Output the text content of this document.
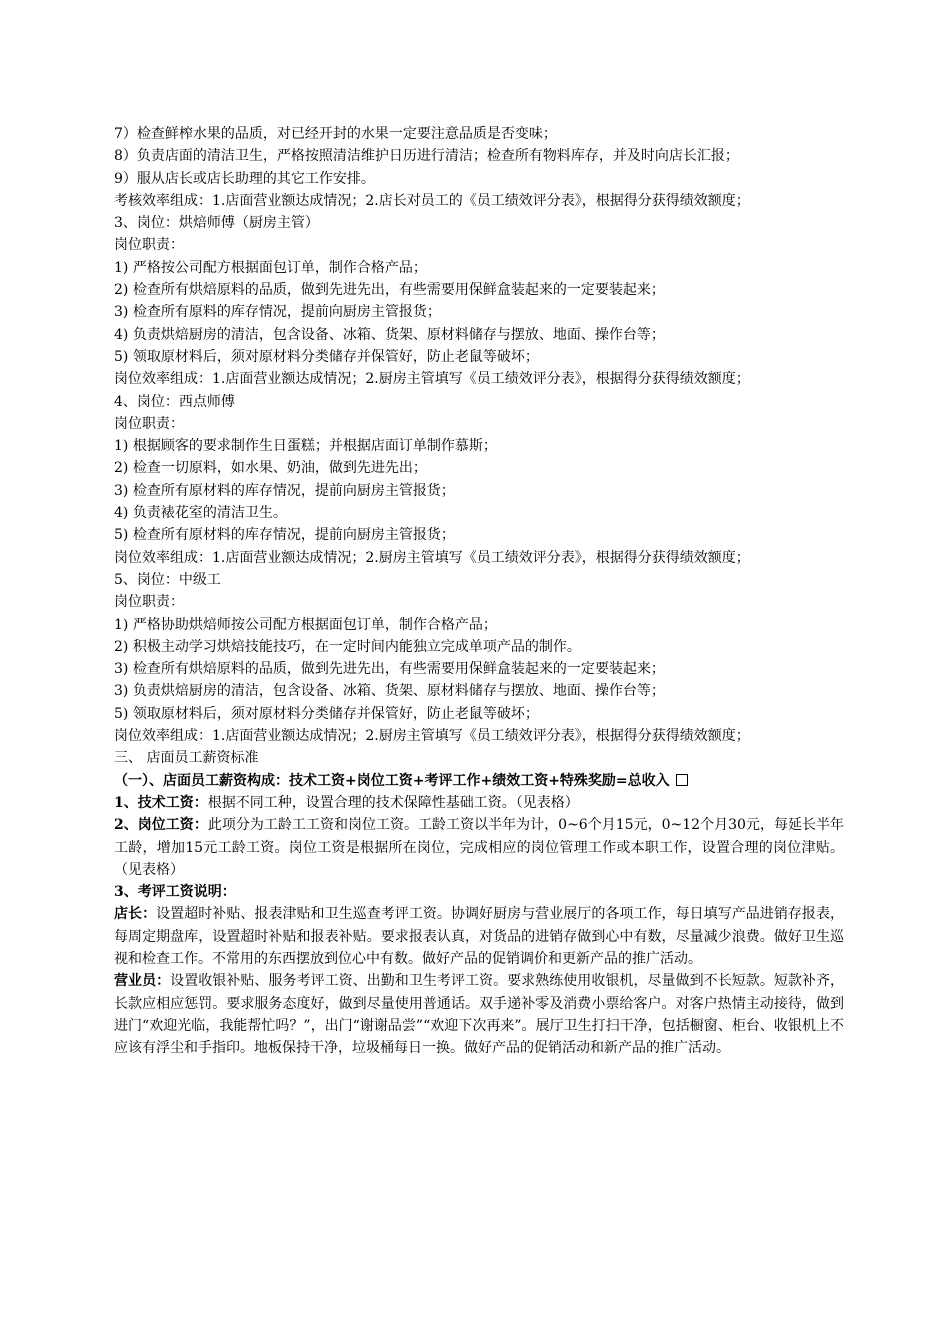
7）检查鲜榨水果的品质，对已经开封的水果一定要注意品质是否变味；
8）负责店面的清洁卫生，严格按照清洁维护日历进行清洁；检查所有物料库存，并及时向店长汇报；
9）服从店长或店长助理的其它工作安排。
考核效率组成：1.店面营业额达成情况；2.店长对员工的《员工绩效评分表》，根据得分获得绩效额度；
3、岗位：烘焙师傅（厨房主管）
岗位职责：
1) 严格按公司配方根据面包订单，制作合格产品；
2) 检查所有烘焙原料的品质，做到先进先出，有些需要用保鲜盒装起来的一定要装起来；
3) 检查所有原料的库存情况，提前向厨房主管报货；
4) 负责烘焙厨房的清洁，包含设备、冰箱、货架、原材料储存与摆放、地面、操作台等；
5) 领取原材料后，须对原材料分类储存并保管好，防止老鼠等破坏；
岗位效率组成：1.店面营业额达成情况；2.厨房主管填写《员工绩效评分表》，根据得分获得绩效额度；
4、岗位：西点师傅
岗位职责：
1) 根据顾客的要求制作生日蛋糕；并根据店面订单制作慕斯；
2) 检查一切原料，如水果、奶油，做到先进先出；
3) 检查所有原材料的库存情况，提前向厨房主管报货；
4) 负责裱花室的清洁卫生。
5) 检查所有原材料的库存情况，提前向厨房主管报货；
岗位效率组成：1.店面营业额达成情况；2.厨房主管填写《员工绩效评分表》，根据得分获得绩效额度；
5、岗位：中级工
岗位职责：
1) 严格协助烘焙师按公司配方根据面包订单，制作合格产品；
2) 积极主动学习烘焙技能技巧，在一定时间内能独立完成单项产品的制作。
3) 检查所有烘焙原料的品质，做到先进先出，有些需要用保鲜盒装起来的一定要装起来；
3) 负责烘焙厨房的清洁，包含设备、冰箱、货架、原材料储存与摆放、地面、操作台等；
5) 领取原材料后，须对原材料分类储存并保管好，防止老鼠等破坏；
岗位效率组成：1.店面营业额达成情况；2.厨房主管填写《员工绩效评分表》，根据得分获得绩效额度；
三、 店面员工薪资标准
（一）、店面员工薪资构成：技术工资+岗位工资+考评工作+绩效工资+特殊奖励=总收入
1、技术工资：根据不同工种，设置合理的技术保障性基础工资。（见表格）
2、岗位工资：此项分为工龄工工资和岗位工资。工龄工资以半年为计，0~6个月15元，0~12个月30元，每延长半年工龄，增加15元工龄工资。岗位工资是根据所在岗位，完成相应的岗位管理工作或本职工作，设置合理的岗位津贴。（见表格）
3、考评工资说明：
店长：设置超时补贴、报表津贴和卫生巡查考评工资。协调好厨房与营业展厅的各项工作，每日填写产品进销存报表，每周定期盘库，设置超时补贴和报表补贴。要求报表认真，对货品的进销存做到心中有数，尽量减少浪费。做好卫生巡视和检查工作。不常用的东西摆放到位心中有数。做好产品的促销调价和更新产品的推广活动。
营业员：设置收银补贴、服务考评工资、出勤和卫生考评工资。要求熟练使用收银机，尽量做到不长短款。短款补齐，长款应相应惩罚。要求服务态度好，做到尽量使用普通话。双手递补零及消费小票给客户。对客户热情主动接待，做到进门“欢迎光临，我能帮忙吗？”，出门“谢谢品尝”“欢迎下次再来”。展厅卫生打扫干净，包括橱窗、柜台、收银机上不应该有浮尘和手指印。地板保持干净，垃圾桶每日一换。做好产品的促销活动和新产品的推广活动。
